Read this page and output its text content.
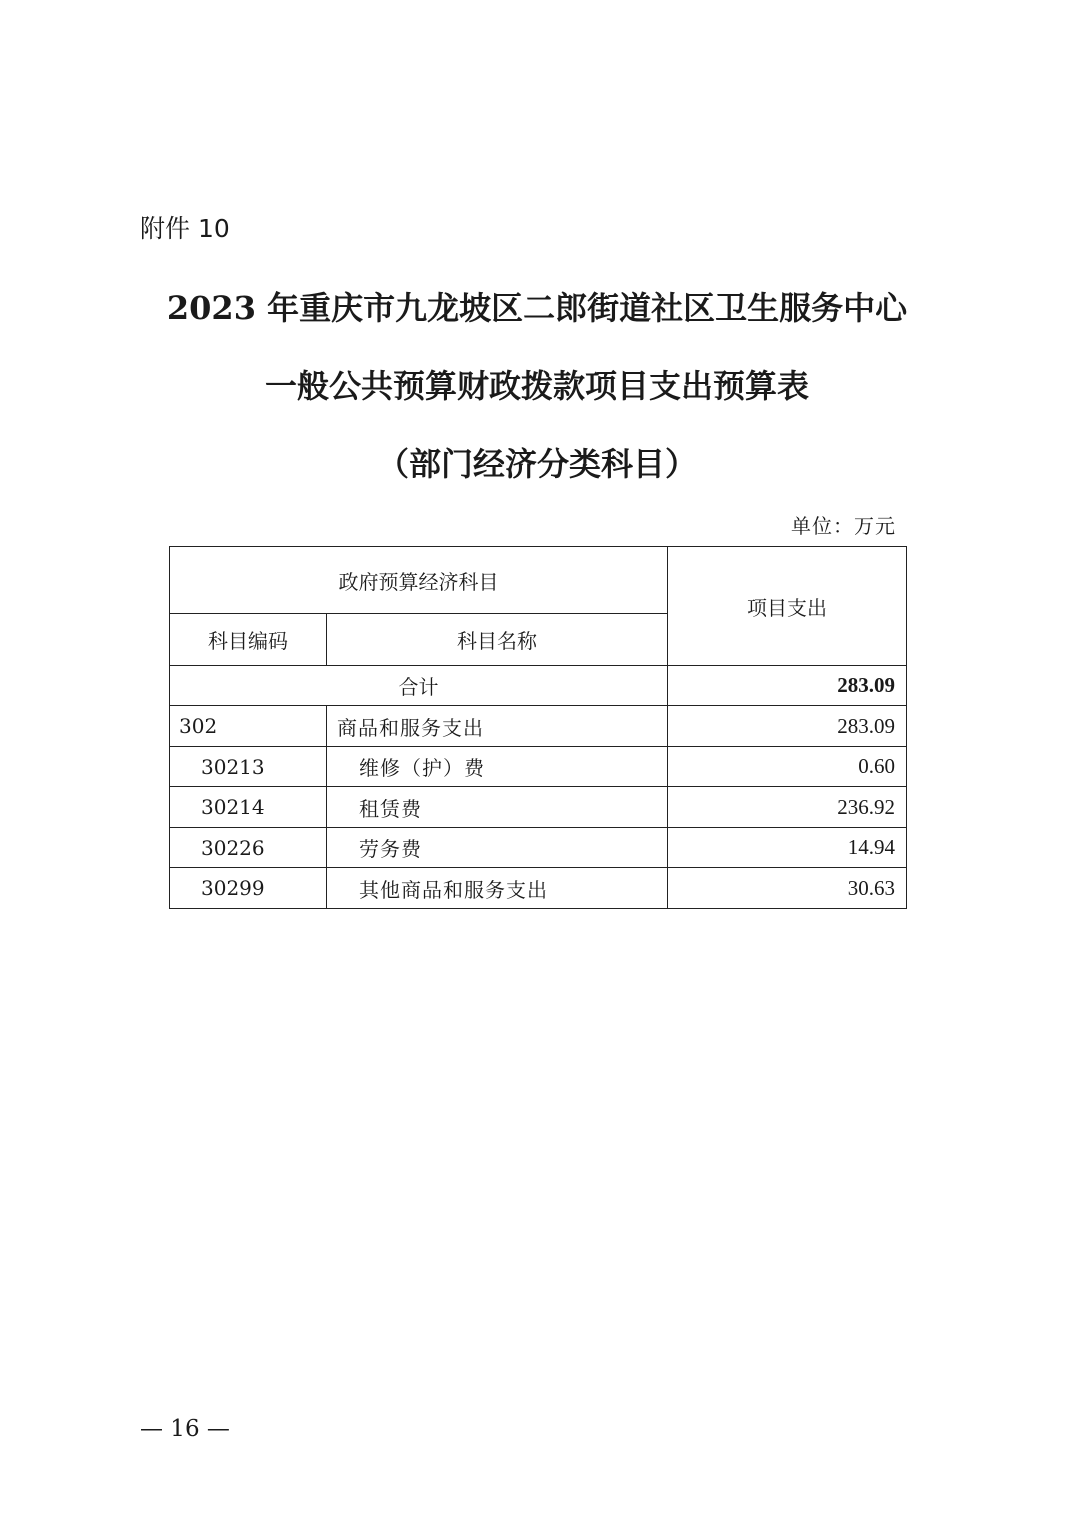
附件 10
2023 年重庆市九龙坡区二郎街道社区卫生服务中心
一般公共预算财政拨款项目支出预算表
（部门经济分类科目）
单位：万元
政府预算经济科目		项目支出
科目编码	科目名称	
合计		283.09
302	商品和服务支出	283.09
30213	维修（护）费	0.60
30214	租赁费	236.92
30226	劳务费	14.94
30299	其他商品和服务支出	30.63
— 16 —
